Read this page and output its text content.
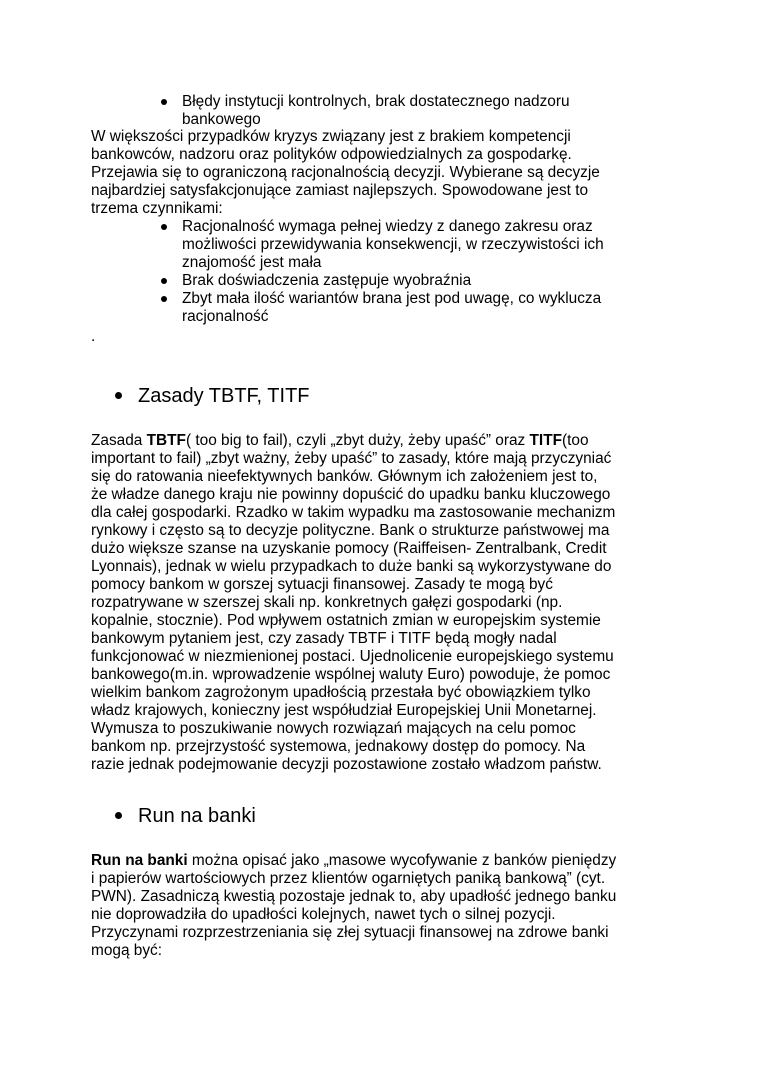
Błędy instytucji kontrolnych, brak dostatecznego nadzoru
bankowego
W większości przypadków kryzys związany jest z brakiem kompetencji
bankowców, nadzoru oraz polityków odpowiedzialnych za gospodarkę.
Przejawia się to ograniczoną racjonalnością decyzji. Wybierane są decyzje
najbardziej satysfakcjonujące zamiast najlepszych. Spowodowane jest to
trzema czynnikami:
Racjonalność wymaga pełnej wiedzy z danego zakresu oraz
możliwości przewidywania konsekwencji, w rzeczywistości ich
znajomość jest mała
Brak doświadczenia zastępuje wyobraźnia
Zbyt mała ilość wariantów brana jest pod uwagę, co wyklucza
racjonalność
.
Zasady TBTF, TITF
Zasada TBTF( too big to fail), czyli „zbyt duży, żeby upaść” oraz TITF(too
important to fail) „zbyt ważny, żeby upaść” to zasady, które mają przyczyniać
się do ratowania nieefektywnych banków. Głównym ich założeniem jest to,
że władze danego kraju nie powinny dopuścić do upadku banku kluczowego
dla całej gospodarki. Rzadko w takim wypadku ma zastosowanie mechanizm
rynkowy i często są to decyzje polityczne. Bank o strukturze państwowej ma
dużo większe szanse na uzyskanie pomocy (Raiffeisen- Zentralbank, Credit
Lyonnais), jednak w wielu przypadkach to duże banki są wykorzystywane do
pomocy bankom w gorszej sytuacji finansowej. Zasady te mogą być
rozpatrywane w szerszej skali np. konkretnych gałęzi gospodarki (np.
kopalnie, stocznie). Pod wpływem ostatnich zmian w europejskim systemie
bankowym pytaniem jest, czy zasady TBTF i TITF będą mogły nadal
funkcjonować w niezmienionej postaci. Ujednolicenie europejskiego systemu
bankowego(m.in. wprowadzenie wspólnej waluty Euro) powoduje, że pomoc
wielkim bankom zagrożonym upadłością przestała być obowiązkiem tylko
władz krajowych, konieczny jest współudział Europejskiej Unii Monetarnej.
Wymusza to poszukiwanie nowych rozwiązań mających na celu pomoc
bankom np. przejrzystość systemowa, jednakowy dostęp do pomocy. Na
razie jednak podejmowanie decyzji pozostawione zostało władzom państw.
Run na banki
Run na banki można opisać jako „masowe wycofywanie z banków pieniędzy
i papierów wartościowych przez klientów ogarniętych paniką bankową” (cyt.
PWN). Zasadniczą kwestią pozostaje jednak to, aby upadłość jednego banku
nie doprowadziła do upadłości kolejnych, nawet tych o silnej pozycji.
Przyczynami rozprzestrzeniania się złej sytuacji finansowej na zdrowe banki
mogą być:
